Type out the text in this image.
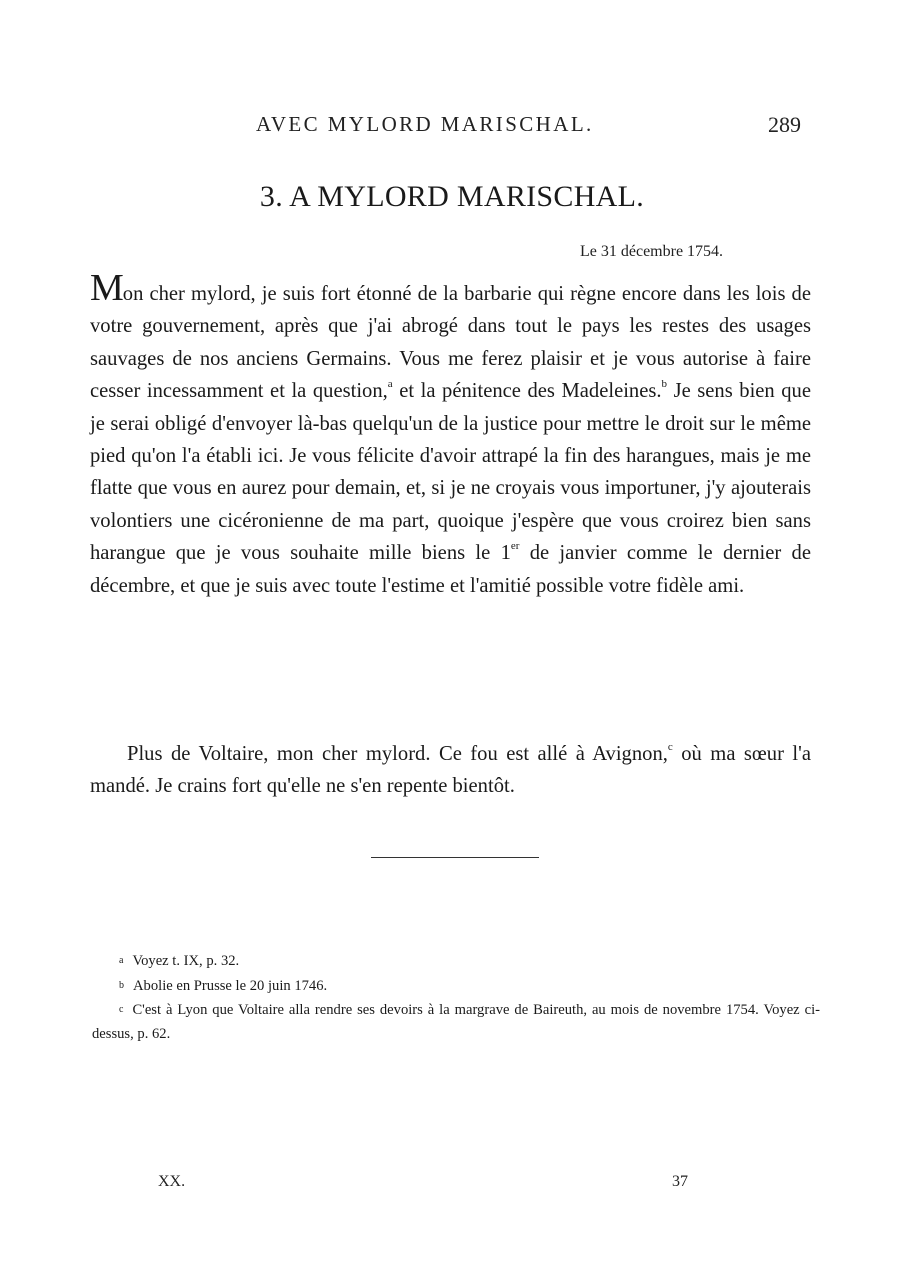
AVEC MYLORD MARISCHAL.	289
3. A MYLORD MARISCHAL.
Le 31 décembre 1754.

Mon cher mylord, je suis fort étonné de la barbarie qui règne encore dans les lois de votre gouvernement, après que j'ai abrogé dans tout le pays les restes des usages sauvages de nos anciens Germains. Vous me ferez plaisir et je vous autorise à faire cesser incessamment et la question,$^a$ et la pénitence des Madeleines.$^b$ Je sens bien que je serai obligé d'envoyer là-bas quelqu'un de la justice pour mettre le droit sur le même pied qu'on l'a établi ici. Je vous félicite d'avoir attrapé la fin des harangues, mais je me flatte que vous en aurez pour demain, et, si je ne croyais vous importuner, j'y ajouterais volontiers une cicéronienne de ma part, quoique j'espère que vous croirez bien sans harangue que je vous souhaite mille biens le 1er de janvier comme le dernier de décembre, et que je suis avec toute l'estime et l'amitié possible votre fidèle ami.

Plus de Voltaire, mon cher mylord. Ce fou est allé à Avignon,$^c$ où ma sœur l'a mandé. Je crains fort qu'elle ne s'en repente bientôt.

a Voyez t. IX, p. 32.

b Abolie en Prusse le 20 juin 1746.

c C'est à Lyon que Voltaire alla rendre ses devoirs à la margrave de Baireuth, au mois de novembre 1754. Voyez ci-dessus, p. 62.

XX.	37
